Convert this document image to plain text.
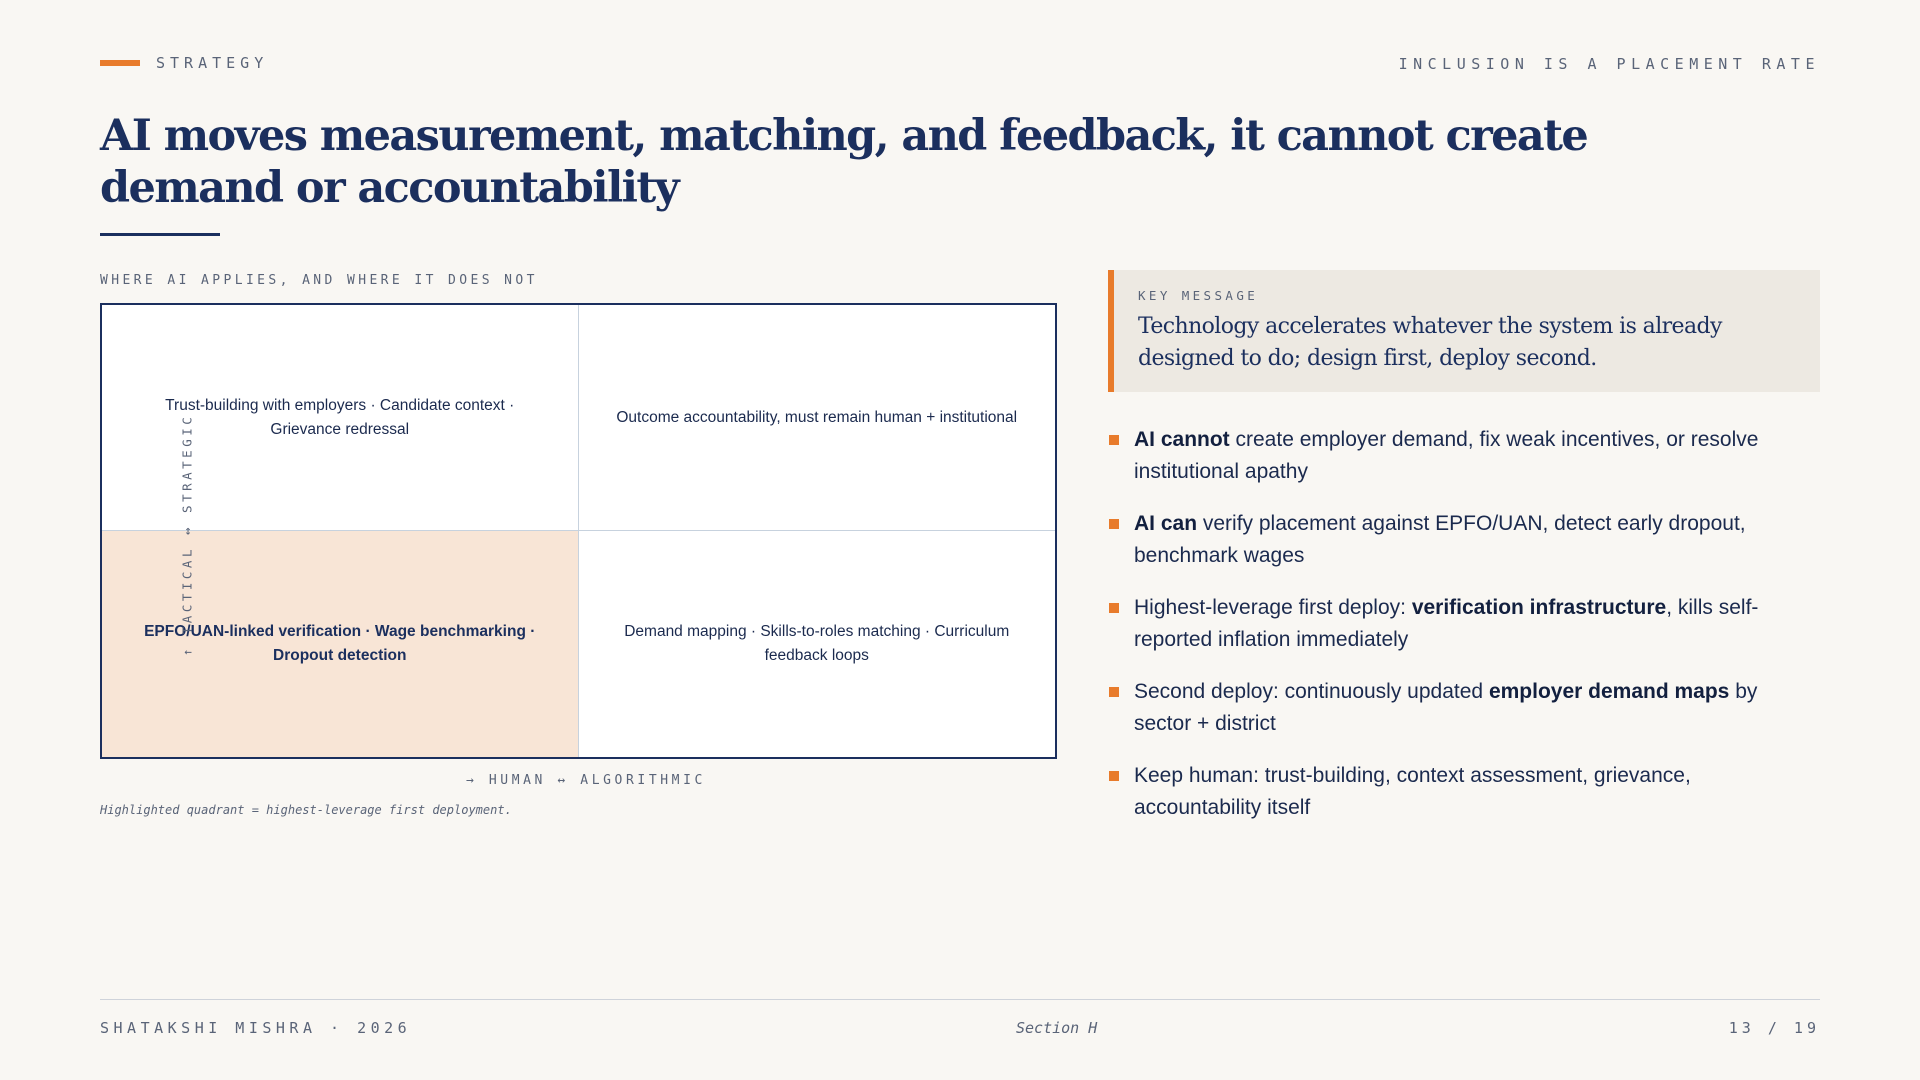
STRATEGY	INCLUSION IS A PLACEMENT RATE
AI moves measurement, matching, and feedback, it cannot create demand or accountability
WHERE AI APPLIES, AND WHERE IT DOES NOT
Trust-building with employers · Candidate context · Grievance redressal
Outcome accountability, must remain human + institutional
EPFO/UAN-linked verification · Wage benchmarking · Dropout detection
Demand mapping · Skills-to-roles matching · Curriculum feedback loops
↑ TACTICAL ↔ STRATEGIC
→ HUMAN ↔ ALGORITHMIC
Highlighted quadrant = highest-leverage first deployment.
KEY MESSAGE
Technology accelerates whatever the system is already designed to do; design first, deploy second.
AI cannot create employer demand, fix weak incentives, or resolve institutional apathy
AI can verify placement against EPFO/UAN, detect early dropout, benchmark wages
Highest-leverage first deploy: verification infrastructure, kills self-reported inflation immediately
Second deploy: continuously updated employer demand maps by sector + district
Keep human: trust-building, context assessment, grievance, accountability itself
SHATAKSHI MISHRA · 2026	Section H	13 / 19
